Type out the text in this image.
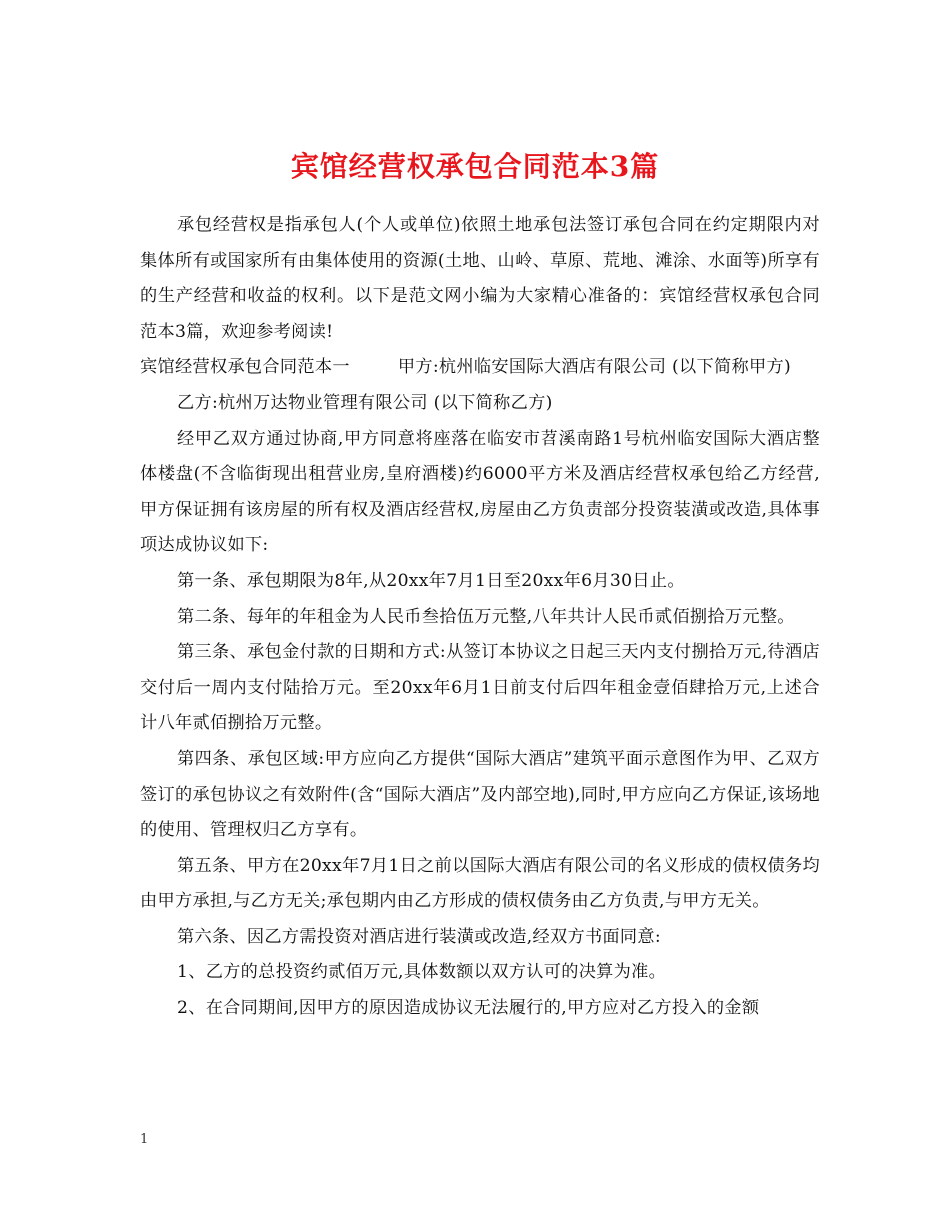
宾馆经营权承包合同范本3篇

承包经营权是指承包人(个人或单位)依照土地承包法签订承包合同在约定期限内对集体所有或国家所有由集体使用的资源(土地、山岭、草原、荒地、滩涂、水面等)所享有的生产经营和收益的权利。以下是范文网小编为大家精心准备的：宾馆经营权承包合同范本3篇，欢迎参考阅读!

宾馆经营权承包合同范本一	甲方:杭州临安国际大酒店有限公司 (以下简称甲方)

乙方:杭州万达物业管理有限公司 (以下简称乙方)

经甲乙双方通过协商,甲方同意将座落在临安市苕溪南路1号杭州临安国际大酒店整体楼盘(不含临街现出租营业房,皇府酒楼)约6000平方米及酒店经营权承包给乙方经营,甲方保证拥有该房屋的所有权及酒店经营权,房屋由乙方负责部分投资装潢或改造,具体事项达成协议如下:

第一条、承包期限为8年,从20xx年7月1日至20xx年6月30日止。

第二条、每年的年租金为人民币叁拾伍万元整,八年共计人民币贰佰捌拾万元整。

第三条、承包金付款的日期和方式:从签订本协议之日起三天内支付捌拾万元,待酒店交付后一周内支付陆拾万元。至20xx年6月1日前支付后四年租金壹佰肆拾万元,上述合计八年贰佰捌拾万元整。

第四条、承包区域:甲方应向乙方提供“国际大酒店”建筑平面示意图作为甲、乙双方签订的承包协议之有效附件(含“国际大酒店”及内部空地),同时,甲方应向乙方保证,该场地的使用、管理权归乙方享有。

第五条、甲方在20xx年7月1日之前以国际大酒店有限公司的名义形成的债权债务均由甲方承担,与乙方无关;承包期内由乙方形成的债权债务由乙方负责,与甲方无关。

第六条、因乙方需投资对酒店进行装潢或改造,经双方书面同意:

1、乙方的总投资约贰佰万元,具体数额以双方认可的决算为准。

2、在合同期间,因甲方的原因造成协议无法履行的,甲方应对乙方投入的金额

1
